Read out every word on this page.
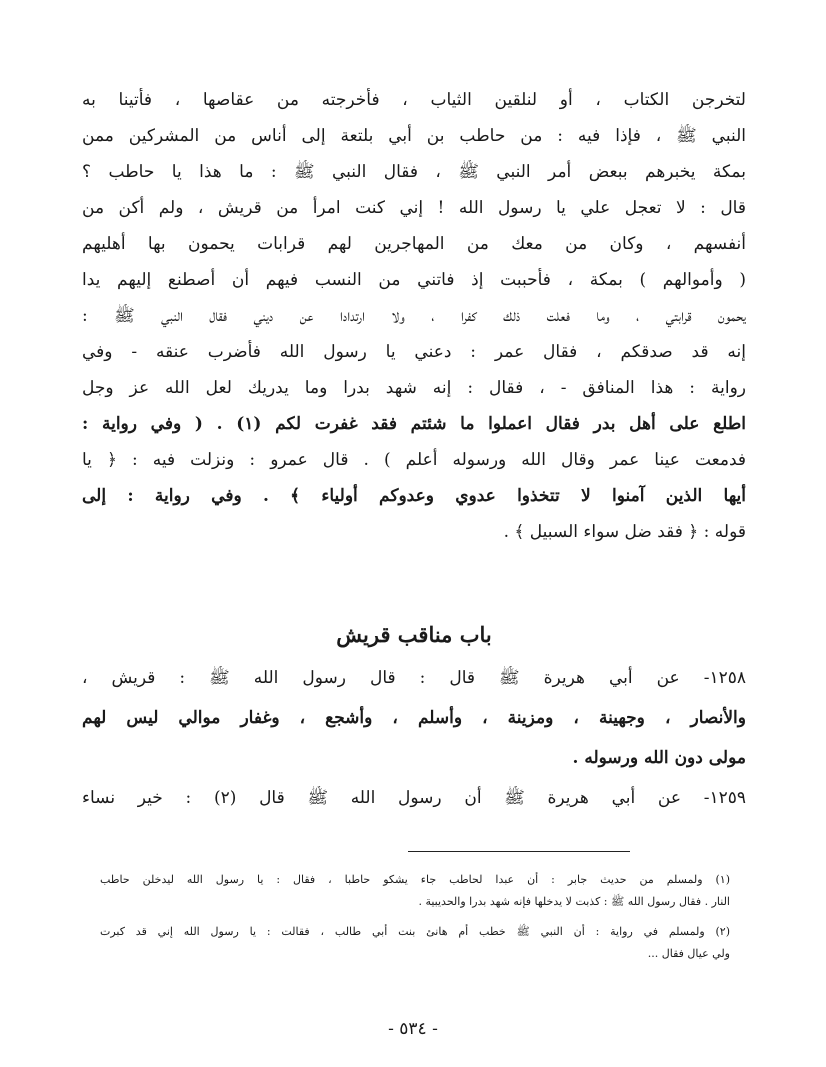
لتخرجن الكتاب ، أو لنلقين الثياب ، فأخرجته من عقاصها ، فأتينا به
النبي ﷺ ، فإذا فيه : من حاطب بن أبي بلتعة إلى أناس من المشركين ممن
بمكة يخبرهم ببعض أمر النبي ﷺ ، فقال النبي ﷺ : ما هذا يا حاطب ؟
قال : لا تعجل علي يا رسول الله ! إني كنت امرأ من قريش ، ولم أكن من
أنفسهم ، وكان من معك من المهاجرين لهم قرابات يحمون بها أهليهم
( وأموالهم ) بمكة ، فأحببت إذ فاتني من النسب فيهم أن أصطنع إليهم يدا
يحمون قرابتي ، وما فعلت ذلك كفرا ، ولا ارتدادا عن ديني فقال النبي ﷺ :
إنه قد صدقكم ، فقال عمر : دعني يا رسول الله فأضرب عنقه - وفي
رواية : هذا المنافق - ، فقال : إنه شهد بدرا وما يدريك لعل الله عز وجل
اطلع على أهل بدر فقال اعملوا ما شئتم فقد غفرت لكم (١) . ( وفي رواية :
فدمعت عينا عمر وقال الله ورسوله أعلم ) . قال عمرو : ونزلت فيه : ﴿ يا
أيها الذين آمنوا لا تتخذوا عدوي وعدوكم أولياء ﴾ . وفي رواية : إلى
قوله : ﴿ فقد ضل سواء السبيل ﴾ .
باب مناقب قريش
١٢٥٨- عن أبي هريرة ﷺ قال : قال رسول الله ﷺ : قريش ،
والأنصار ، وجهينة ، ومزينة ، وأسلم ، وأشجع ، وغفار موالي ليس لهم
مولى دون الله ورسوله .
١٢٥٩- عن أبي هريرة ﷺ أن رسول الله ﷺ قال (٢) : خير نساء
(١) ولمسلم من حديث جابر : أن عبدا لحاطب جاء يشكو حاطبا ، فقال : يا رسول الله ليدخلن حاطب
النار . فقال رسول الله ﷺ : كذبت لا يدخلها فإنه شهد بدرا والحديبية .
(٢) ولمسلم في رواية : أن النبي ﷺ خطب أم هانئ بنت أبي طالب ، فقالت : يا رسول الله إني قد كبرت
ولي عيال فقال ...
- ٥٣٤ -
